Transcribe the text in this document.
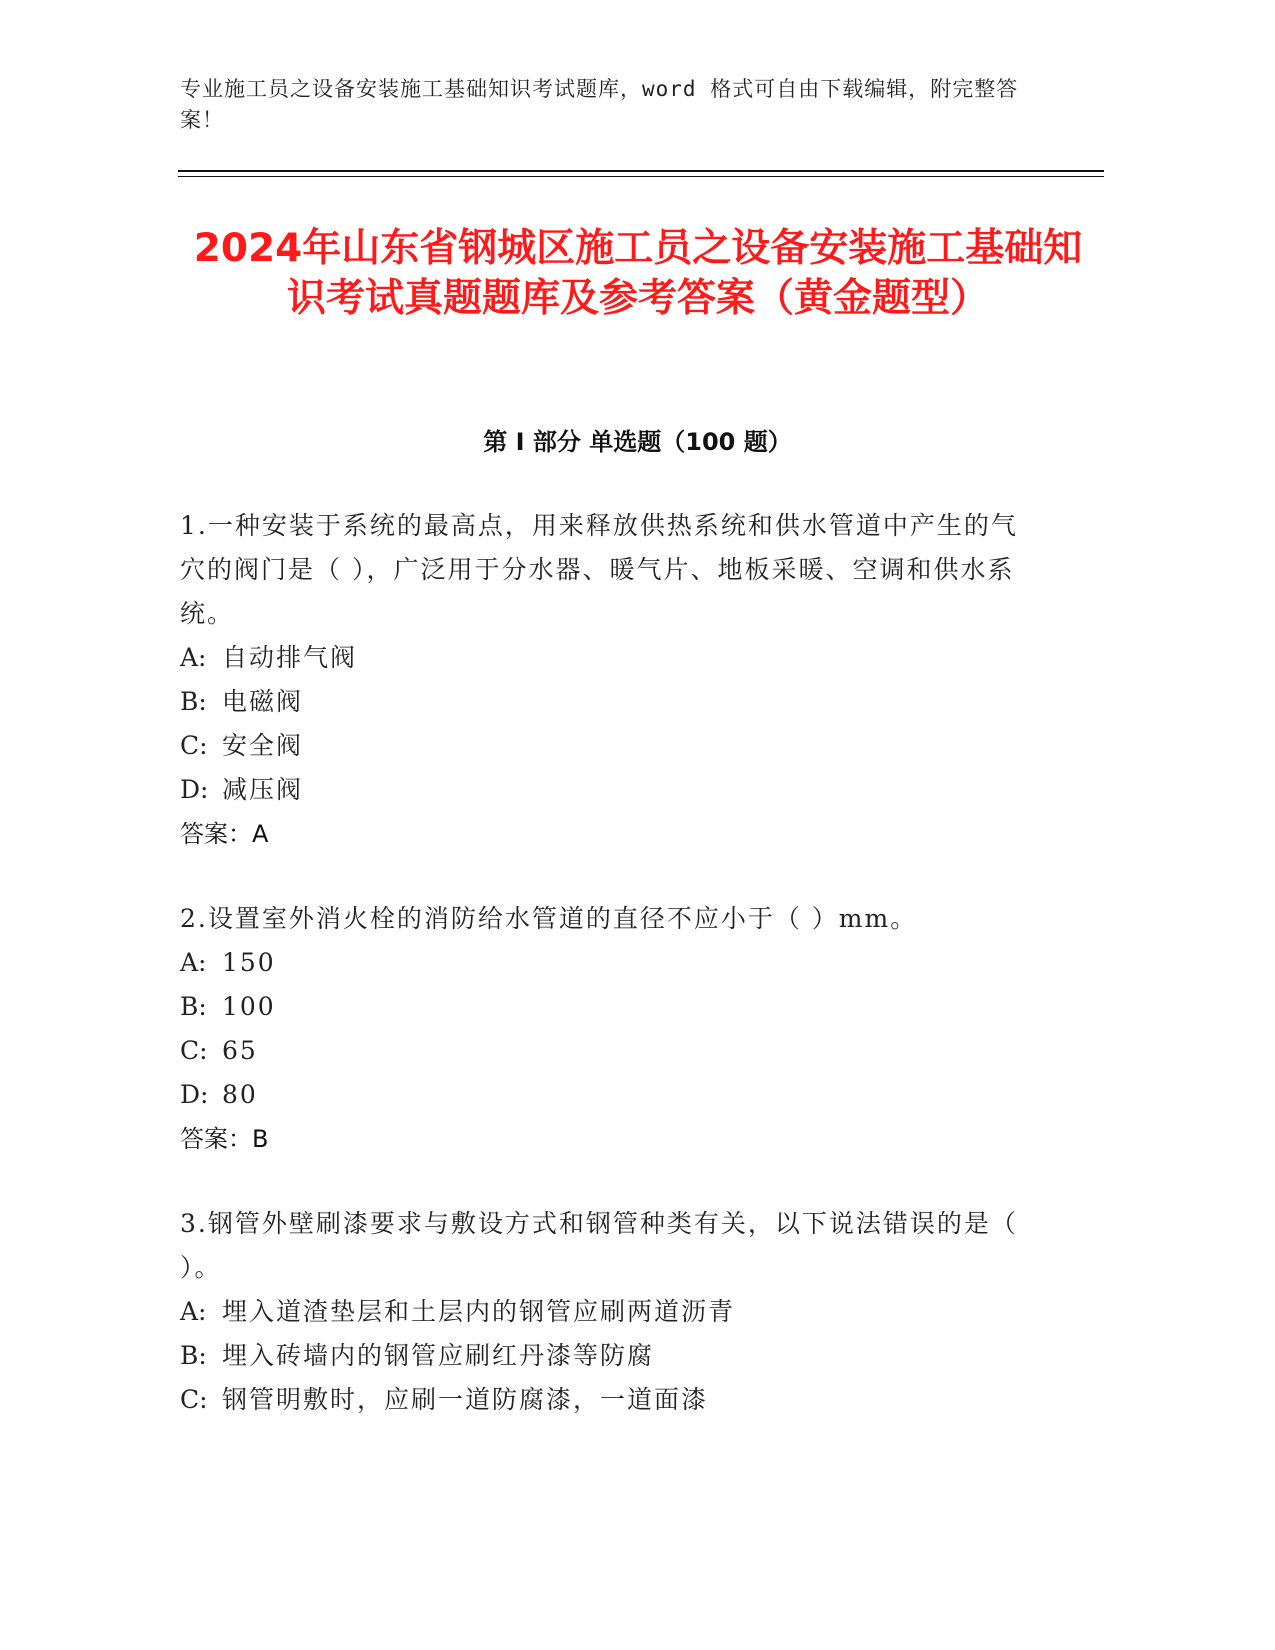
专业施工员之设备安装施工基础知识考试题库，word 格式可自由下载编辑，附完整答案！
2024年山东省钢城区施工员之设备安装施工基础知识考试真题题库及参考答案（黄金题型）
第 I 部分 单选题（100 题）
1.一种安装于系统的最高点，用来释放供热系统和供水管道中产生的气穴的阀门是（ ），广泛用于分水器、暖气片、地板采暖、空调和供水系统。
A: 自动排气阀
B: 电磁阀
C: 安全阀
D: 减压阀
答案：A
2.设置室外消火栓的消防给水管道的直径不应小于（ ）mm。
A: 150
B: 100
C: 65
D: 80
答案：B
3.钢管外壁刷漆要求与敷设方式和钢管种类有关，以下说法错误的是（ ）。
A: 埋入道渣垫层和土层内的钢管应刷两道沥青
B: 埋入砖墙内的钢管应刷红丹漆等防腐
C: 钢管明敷时，应刷一道防腐漆，一道面漆
